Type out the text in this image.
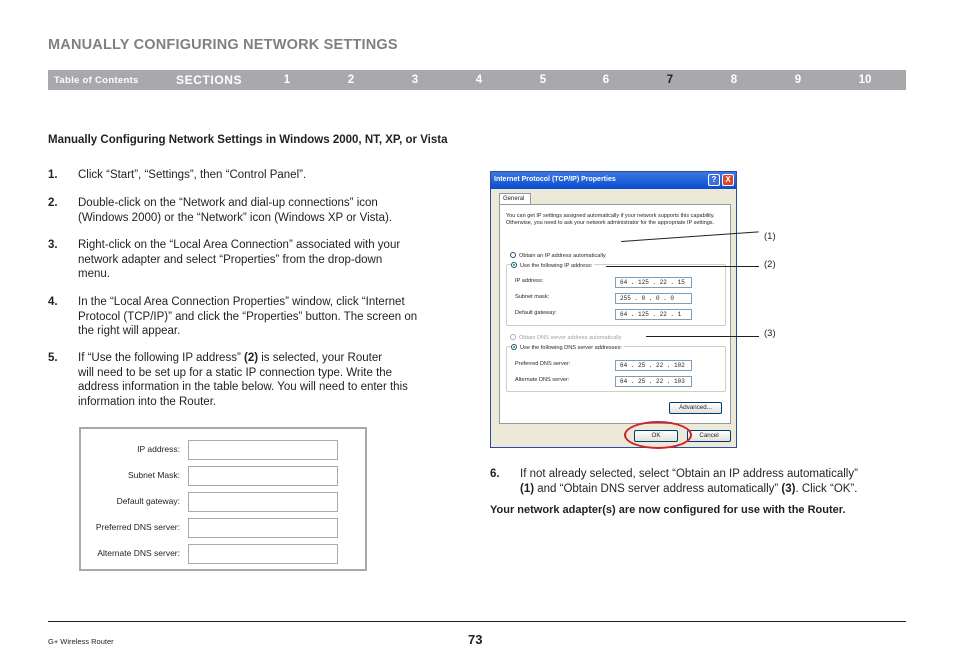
MANUALLY CONFIGURING NETWORK SETTINGS
Table of Contents	SECTIONS	1	2	3	4	5	6	7	8	9	10
Manually Configuring Network Settings in Windows 2000, NT, XP, or Vista
1. Click “Start”, “Settings”, then “Control Panel”.
2. Double-click on the “Network and dial-up connections” icon
(Windows 2000) or the “Network” icon (Windows XP or Vista).
3. Right-click on the “Local Area Connection” associated with your
network adapter and select “Properties” from the drop-down
menu.
4. In the “Local Area Connection Properties” window, click “Internet
Protocol (TCP/IP)” and click the “Properties” button. The screen on
the right will appear.
5. If “Use the following IP address” (2) is selected, your Router
will need to be set up for a static IP connection type. Write the
address information in the table below. You will need to enter this
information into the Router.
IP address:
Subnet Mask:
Default gateway:
Preferred DNS server:
Alternate DNS server:
Internet Protocol (TCP/IP) Properties	?	X
General
You can get IP settings assigned automatically if your network supports this capability. Otherwise, you need to ask your network administrator for the appropriate IP settings.
Obtain an IP address automatically
Use the following IP address:
IP address:	64 . 125 . 22 . 15
Subnet mask:	255 . 0 . 0 . 0
Default gateway:	64 . 125 . 22 . 1
Obtain DNS server address automatically
Use the following DNS server addresses:
Preferred DNS server:	64 . 25 . 22 . 102
Alternate DNS server:	64 . 25 . 22 . 103
Advanced...
OK	Cancel
(1)
(2)
(3)
6. If not already selected, select “Obtain an IP address automatically”
(1) and “Obtain DNS server address automatically” (3). Click “OK”.
Your network adapter(s) are now configured for use with the Router.
G+ Wireless Router	73
